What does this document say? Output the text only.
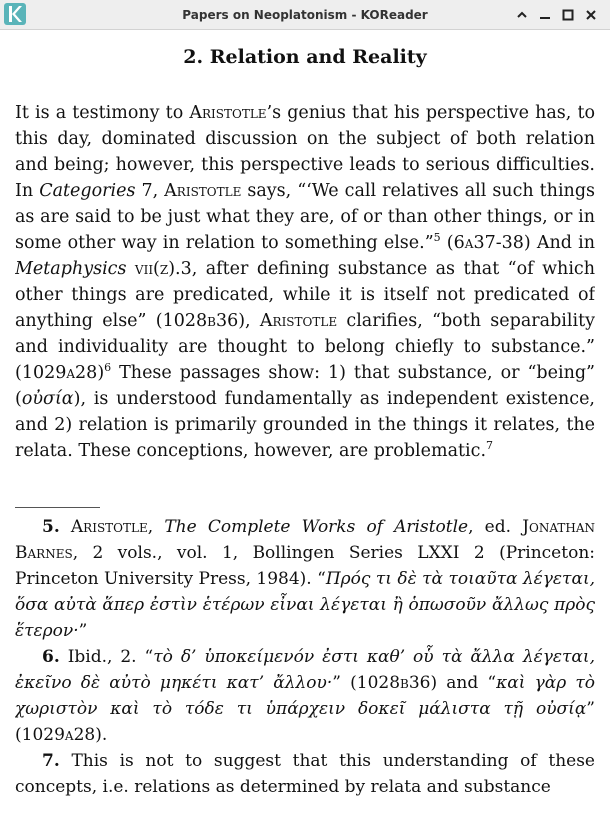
Papers on Neoplatonism - KOReader
2. Relation and Reality

It is a testimony to Aristotle’s genius that his perspective has, to this day, dominated discussion on the subject of both relation and being; however, this perspective leads to serious difficulties. In Categories 7, Aristotle says, “‘We call relatives all such things as are said to be just what they are, of or than other things, or in some other way in relation to something else.”$^5$ (6a37-38) And in Metaphysics vii(z).3, after defining substance as that “of which other things are predicated, while it is itself not predicated of anything else” (1028b36), Aristotle clarifies, “both separability and individuality are thought to belong chiefly to substance.” $(1029a28)^6$ These passages show: 1) that substance, or “being” (οὐσία), is understood fundamentally as independent existence, and 2) relation is primarily grounded in the things it relates, the relata. These conceptions, however, are problematic.$^7$

5. Aristotle, The Complete Works of Aristotle, ed. Jonathan Barnes, 2 vols., vol. 1, Bollingen Series LXXI 2 (Princeton: Princeton University Press, 1984). “Πρός τι δὲ τὰ τοιαῦτα λέγεται, ὅσα αὐτὰ ἅπερ ἐστὶν ἑτέρων εἶναι λέγεται ἢ ὁπωσοῦν ἄλλως πρὸς ἕτερον·”

6. Ibid., 2. “τὸ δ’ ὑποκείμενόν ἐστι καθ’ οὗ τὰ ἄλλα λέγεται, ἐκεῖνο δὲ αὐτὸ μηκέτι κατ’ ἄλλου·” (1028b36) and “καὶ γὰρ τὸ χωριστὸν καὶ τὸ τόδε τι ὑπάρχειν δοκεῖ μάλιστα τῇ οὐσίᾳ” (1029a28).

7. This is not to suggest that this understanding of these concepts, i.e. relations as determined by relata and substance
